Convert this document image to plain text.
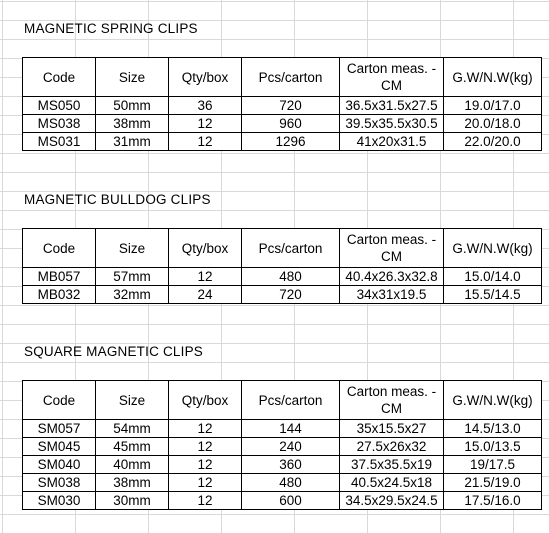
MAGNETIC SPRING CLIPS
Code	Size	Qty/box	Pcs/carton	Carton meas. - CM	G.W/N.W(kg)
MS050	50mm	36	720	36.5x31.5x27.5	19.0/17.0
MS038	38mm	12	960	39.5x35.5x30.5	20.0/18.0
MS031	31mm	12	1296	41x20x31.5	22.0/20.0
MAGNETIC BULLDOG CLIPS
Code	Size	Qty/box	Pcs/carton	Carton meas. - CM	G.W/N.W(kg)
MB057	57mm	12	480	40.4x26.3x32.8	15.0/14.0
MB032	32mm	24	720	34x31x19.5	15.5/14.5
SQUARE MAGNETIC CLIPS
Code	Size	Qty/box	Pcs/carton	Carton meas. - CM	G.W/N.W(kg)
SM057	54mm	12	144	35x15.5x27	14.5/13.0
SM045	45mm	12	240	27.5x26x32	15.0/13.5
SM040	40mm	12	360	37.5x35.5x19	19/17.5
SM038	38mm	12	480	40.5x24.5x18	21.5/19.0
SM030	30mm	12	600	34.5x29.5x24.5	17.5/16.0
